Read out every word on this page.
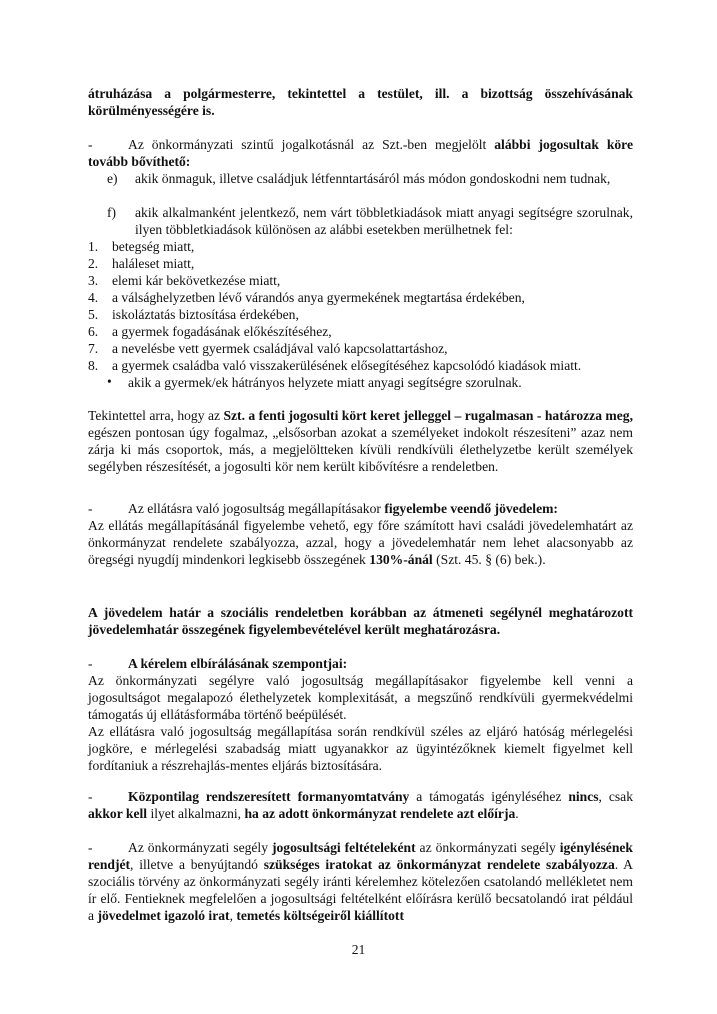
átruházása a polgármesterre, tekintettel a testület, ill. a bizottság összehívásának

körülményességére is.

-	Az önkormányzati szintű jogalkotásnál az Szt.-ben megjelölt alábbi jogosultak köre tovább bővíthető:

e) akik önmaguk, illetve családjuk létfenntartásáról más módon gondoskodni nem tudnak,

f) akik alkalmanként jelentkező, nem várt többletkiadások miatt anyagi segítségre szorulnak, ilyen többletkiadások különösen az alábbi esetekben merülhetnek fel:

1. betegség miatt,

2. haláleset miatt,

3. elemi kár bekövetkezése miatt,

4. a válsághelyzetben lévő várandós anya gyermekének megtartása érdekében,

5. iskoláztatás biztosítása érdekében,

6. a gyermek fogadásának előkészítéséhez,

7. a nevelésbe vett gyermek családjával való kapcsolattartáshoz,

8. a gyermek családba való visszakerülésének elősegítéséhez kapcsolódó kiadások miatt.

• akik a gyermek/ek hátrányos helyzete miatt anyagi segítségre szorulnak.

Tekintettel arra, hogy az Szt. a fenti jogosulti kört keret jelleggel – rugalmasan - határozza meg, egészen pontosan úgy fogalmaz, „elsősorban azokat a személyeket indokolt részesíteni” azaz nem zárja ki más csoportok, más, a megjelöltteken kívüli rendkívüli élethelyzetbe került személyek segélyben részesítését, a jogosulti kör nem került kibővítésre a rendeletben.

-	Az ellátásra való jogosultság megállapításakor figyelembe veendő jövedelem:

Az ellátás megállapításánál figyelembe vehető, egy főre számított havi családi jövedelemhatárt az önkormányzat rendelete szabályozza, azzal, hogy a jövedelemhatár nem lehet alacsonyabb az öregségi nyugdíj mindenkori legkisebb összegének 130%-ánál (Szt. 45. § (6) bek.).

A jövedelem határ a szociális rendeletben korábban az átmeneti segélynél meghatározott jövedelemhatár összegének figyelembevételével került meghatározásra.

-	A kérelem elbírálásának szempontjai:

Az önkormányzati segélyre való jogosultság megállapításakor figyelembe kell venni a jogosultságot megalapozó élethelyzetek komplexitását, a megszűnő rendkívüli gyermekvédelmi támogatás új ellátásformába történő beépülését.

Az ellátásra való jogosultság megállapítása során rendkívül széles az eljáró hatóság mérlegelési jogköre, e mérlegelési szabadság miatt ugyanakkor az ügyintézőknek kiemelt figyelmet kell fordítaniuk a részrehajlás-mentes eljárás biztosítására.

-	Központilag rendszeresített formanyomtatvány a támogatás igényléséhez nincs, csak akkor kell ilyet alkalmazni, ha az adott önkormányzat rendelete azt előírja.

-	Az önkormányzati segély jogosultsági feltételeként az önkormányzati segély igénylésének rendjét, illetve a benyújtandó szükséges iratokat az önkormányzat rendelete szabályozza. A szociális törvény az önkormányzati segély iránti kérelemhez kötelezően csatolandó mellékletet nem ír elő. Fentieknek megfelelően a jogosultsági feltételként előírásra kerülő becsatolandó irat például a jövedelmet igazoló irat, temetés költségeiről kiállított

21
